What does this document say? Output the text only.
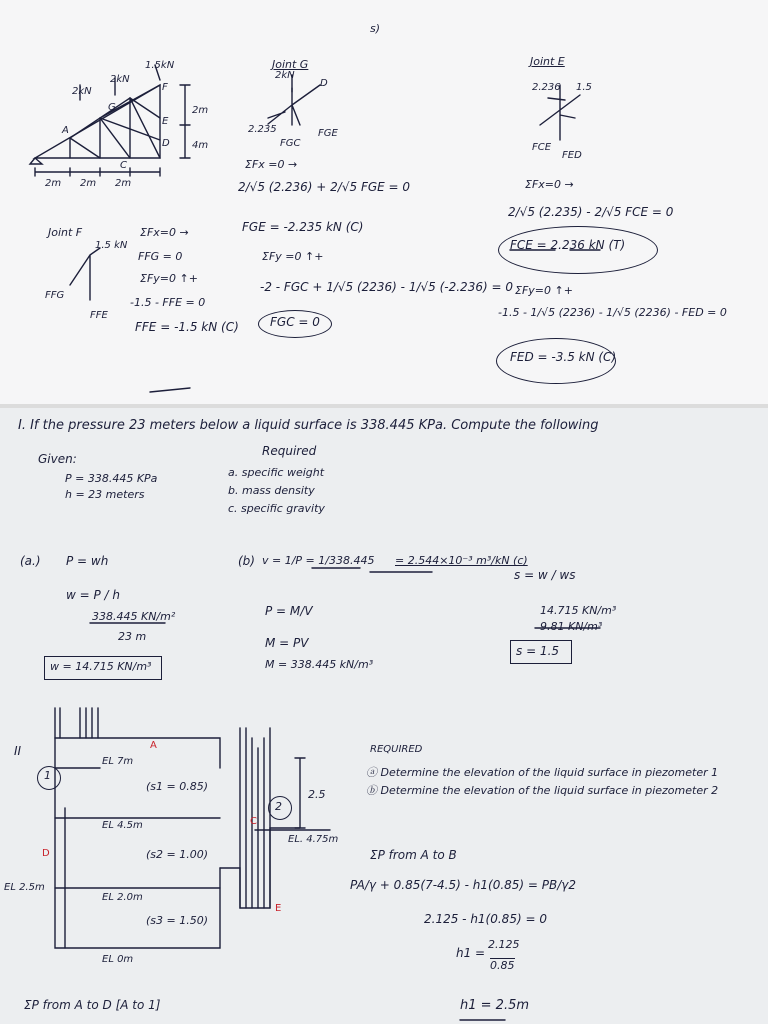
s)
2kN
2kN
1.5kN
2m
4m
2m 2m 2m
A
C
D
E
F
G
Joint G
2kN
2.235
FGC
FGE
D
ΣFx =0 →
2/√5 (2.236) + 2/√5 FGE = 0
FGE = -2.235 kN (C)
ΣFy =0 ↑+
-2 - FGC + 1/√5 (2236) - 1/√5 (-2.236) = 0
FGC = 0
Joint F
1.5 kN
FFG
FFE
ΣFx=0 →
FFG = 0
ΣFy=0 ↑+
-1.5 - FFE = 0
FFE = -1.5 kN (C)
Joint E
2.236 1.5
FCE
FED
ΣFx=0 →
2/√5 (2.235) - 2/√5 FCE = 0
FCE = 2.236 kN (T)
ΣFy=0 ↑+
-1.5 - 1/√5 (2236) - 1/√5 (2236) - FED = 0
FED = -3.5 kN (C)
I. If the pressure 23 meters below a liquid surface is 338.445 KPa. Compute the following
Given:
P = 338.445 KPa
h = 23 meters
Required
a. specific weight
b. mass density
c. specific gravity
(a.) P = wh
w = P / h
338.445 KN/m²
23 m
w = 14.715 KN/m³
(b) v = 1/P = 1/338.445 = 2.544×10⁻³ m³/kN (c)
P = M/V
M = PV
M = 338.445 kN/m³
s = w / ws
14.715 KN/m³
9.81 KN/m³
s = 1.5
II	A
D
C
E
1
2
EL 7m
EL 4.5m
EL 2.5m
EL 2.0m
EL 0m
EL. 4.75m
(s1 = 0.85)
(s2 = 1.00)
(s3 = 1.50)
2.5
REQUIRED
ⓐ Determine the elevation of the liquid surface in piezometer 1
ⓑ Determine the elevation of the liquid surface in piezometer 2
ΣP from A to B
PA/γ + 0.85(7-4.5) - h1(0.85) = PB/γ2
2.125 - h1(0.85) = 0
h1 =
2.125
0.85
h1 = 2.5m
ΣP from A to D [A to 1]
